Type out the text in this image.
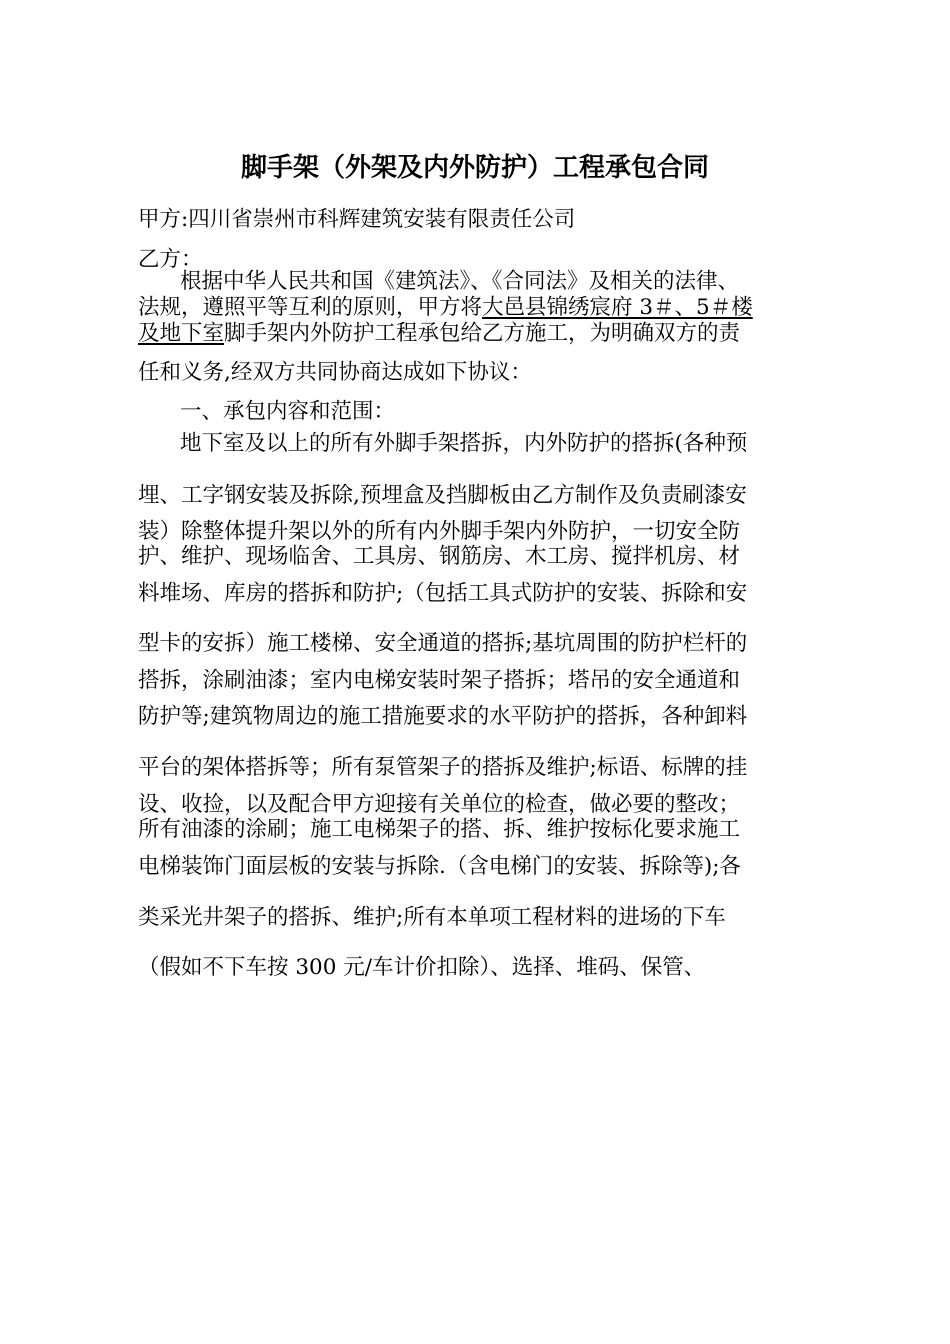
脚手架（外架及内外防护）工程承包合同
甲方:四川省崇州市科辉建筑安装有限责任公司
乙方：
根据中华人民共和国《建筑法》、《合同法》及相关的法律、
法规，遵照平等互利的原则，甲方将大邑县锦绣宸府 3＃、5＃楼
及地下室脚手架内外防护工程承包给乙方施工，为明确双方的责
任和义务,经双方共同协商达成如下协议：
一、承包内容和范围：
地下室及以上的所有外脚手架搭拆，内外防护的搭拆(各种预
埋、工字钢安装及拆除,预埋盒及挡脚板由乙方制作及负责刷漆安
装）除整体提升架以外的所有内外脚手架内外防护，一切安全防
护、维护、现场临舍、工具房、钢筋房、木工房、搅拌机房、材
料堆场、库房的搭拆和防护;（包括工具式防护的安装、拆除和安
型卡的安拆）施工楼梯、安全通道的搭拆;基坑周围的防护栏杆的
搭拆，涂刷油漆；室内电梯安装时架子搭拆；塔吊的安全通道和
防护等;建筑物周边的施工措施要求的水平防护的搭拆，各种卸料
平台的架体搭拆等；所有泵管架子的搭拆及维护;标语、标牌的挂
设、收捡，以及配合甲方迎接有关单位的检查，做必要的整改；
所有油漆的涂刷；施工电梯架子的搭、拆、维护按标化要求施工
电梯装饰门面层板的安装与拆除.（含电梯门的安装、拆除等);各
类采光井架子的搭拆、维护;所有本单项工程材料的进场的下车
（假如不下车按 300 元/车计价扣除）、选择、堆码、保管、
